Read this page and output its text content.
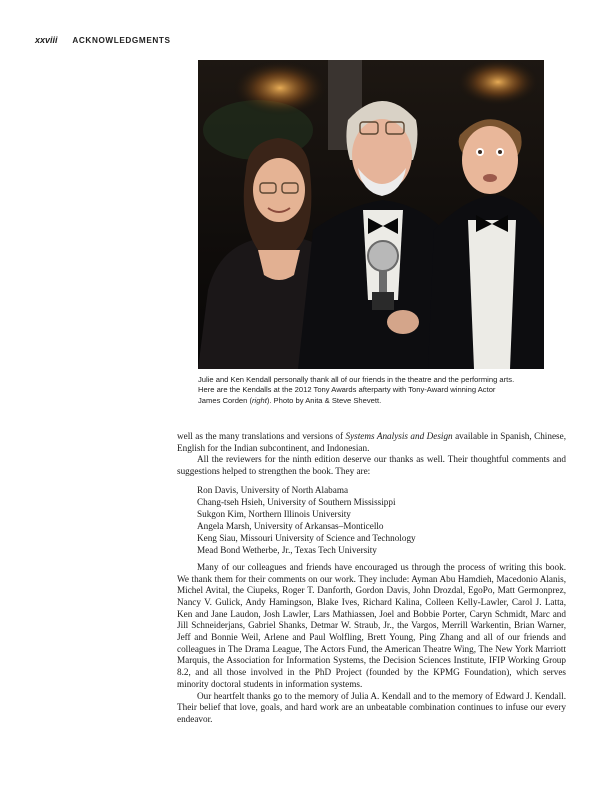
xxviii ACKNOWLEDGMENTS

Julie and Ken Kendall personally thank all of our friends in the theatre and the performing arts.

Here are the Kendalls at the 2012 Tony Awards afterparty with Tony-Award winning Actor

James Corden (right). Photo by Anita & Steve Shevett.

well as the many translations and versions of Systems Analysis and Design available in Spanish, Chinese, English for the Indian subcontinent, and Indonesian.

All the reviewers for the ninth edition deserve our thanks as well. Their thoughtful comments and suggestions helped to strengthen the book. They are:

Ron Davis, University of North Alabama
Chang-tseh Hsieh, University of Southern Mississippi
Sukgon Kim, Northern Illinois University
Angela Marsh, University of Arkansas–Monticello
Keng Siau, Missouri University of Science and Technology
Mead Bond Wetherbe, Jr., Texas Tech University

Many of our colleagues and friends have encouraged us through the process of writing this book. We thank them for their comments on our work. They include: Ayman Abu Hamdieh, Macedonio Alanis, Michel Avital, the Ciupeks, Roger T. Danforth, Gordon Davis, John Drozdal, EgoPo, Matt Germonprez, Nancy V. Gulick, Andy Hamingson, Blake Ives, Richard Kalina, Colleen Kelly-Lawler, Carol J. Latta, Ken and Jane Laudon, Josh Lawler, Lars Mathiassen, Joel and Bobbie Porter, Caryn Schmidt, Marc and Jill Schneiderjans, Gabriel Shanks, Detmar W. Straub, Jr., the Vargos, Merrill Warkentin, Brian Warner, Jeff and Bonnie Weil, Arlene and Paul Wolfling, Brett Young, Ping Zhang and all of our friends and colleagues in The Drama League, The Actors Fund, the American Theatre Wing, The New York Marriott Marquis, the Association for Information Systems, the Decision Sciences Institute, IFIP Working Group 8.2, and all those involved in the PhD Project (founded by the KPMG Foundation), which serves minority doctoral students in information systems.

Our heartfelt thanks go to the memory of Julia A. Kendall and to the memory of Edward J. Kendall. Their belief that love, goals, and hard work are an unbeatable combination continues to infuse our every endeavor.
